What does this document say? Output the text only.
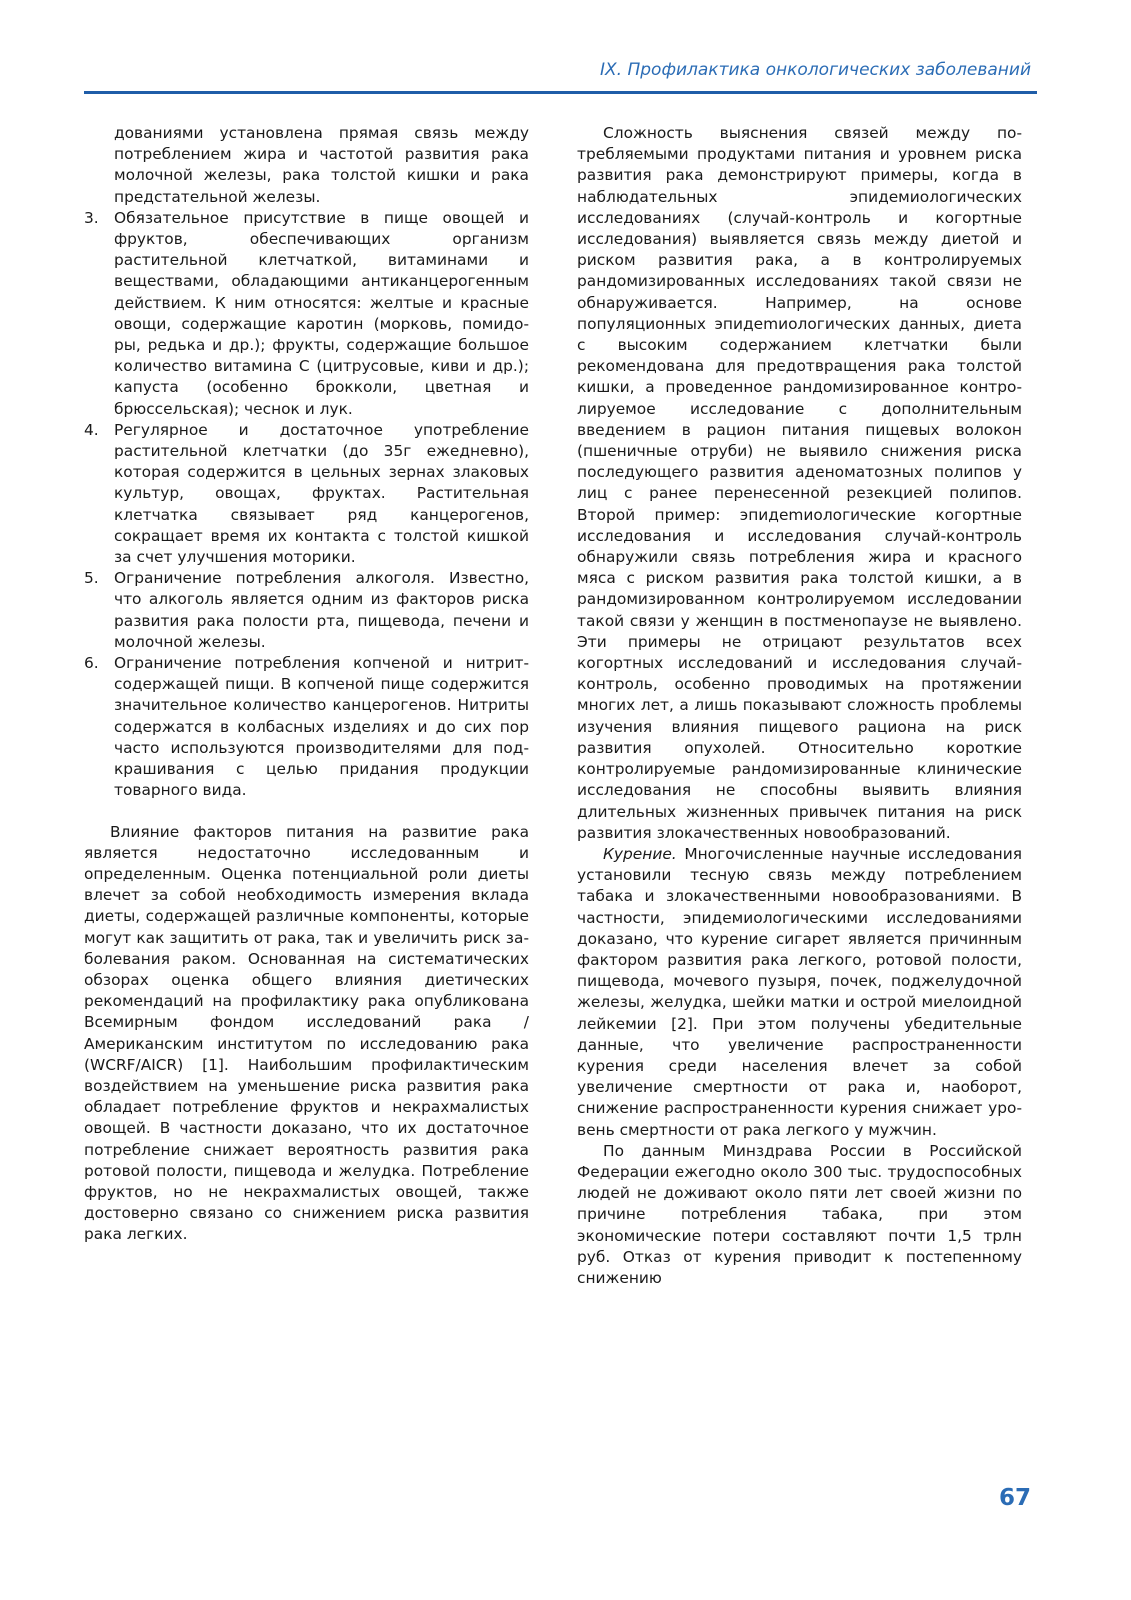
IX. Профилактика онкологических заболеваний

дованиями установлена прямая связь между потреблением жира и частотой развития рака молочной железы, рака толстой кишки и рака предстательной железы.

3. Обязательное присутствие в пище овощей и фруктов, обеспечивающих организм растительной клетчаткой, витаминами и веществами, обладающими антиканцерогенным действием. К ним относятся: желтые и красные овощи, содержащие каротин (морковь, помидоры, редька и др.); фрукты, содержащие большое количество витамина С (цитрусовые, киви и др.); капуста (особенно брокколи, цветная и брюссельская); чеснок и лук.
4. Регулярное и достаточное употребление растительной клетчатки (до 35г ежедневно), которая содержится в цельных зернах злаковых культур, овощах, фруктах. Растительная клетчатка связывает ряд канцерогенов, сокращает время их контакта с толстой кишкой за счет улучшения моторики.
5. Ограничение потребления алкоголя. Известно, что алкоголь является одним из факторов риска развития рака полости рта, пищевода, печени и молочной железы.
6. Ограничение потребления копченой и нитрит-содержащей пищи. В копченой пище содержится значительное количество канцерогенов. Нитриты содержатся в колбасных изделиях и до сих пор часто используются производителями для подкрашивания с целью придания продукции товарного вида.

Влияние факторов питания на развитие рака является недостаточно исследованным и определенным. Оценка потенциальной роли диеты влечет за собой необходимость измерения вклада диеты, содержащей различные компоненты, которые могут как защитить от рака, так и увеличить риск заболевания раком. Основанная на систематических обзорах оценка общего влияния диетических рекомендаций на профилактику рака опубликована Всемирным фондом исследований рака /Американским институтом по исследованию рака (WCRF/AICR) [1]. Наибольшим профилактическим воздействием на уменьшение риска развития рака обладает потребление фруктов и некрахмалистых овощей. В частности доказано, что их достаточное потребление снижает вероятность развития рака ротовой полости, пищевода и желудка. Потребление фруктов, но не некрахмалистых овощей, также достоверно связано со снижением риска развития рака легких.

Сложность выяснения связей между потребляемыми продуктами питания и уровнем риска развития рака демонстрируют примеры, когда в наблюдательных эпидемиологических исследованиях (случай-контроль и когортные исследования) выявляется связь между диетой и риском развития рака, а в контролируемых рандомизированных исследованиях такой связи не обнаруживается. Например, на основе популяционных эпидеmиологических данных, диета с высоким содержанием клетчатки были рекомендована для предотвращения рака толстой кишки, а проведенное рандомизированное контролируемое исследование с дополнительным введением в рацион питания пищевых волокон (пшеничные отруби) не выявило снижения риска последующего развития аденоматозных полипов у лиц с ранее перенесенной резекцией полипов. Второй пример: эпидеmиологические когортные исследования и исследования случай-контроль обнаружили связь потребления жира и красного мяса с риском развития рака толстой кишки, а в рандомизированном контролируемом исследовании такой связи у женщин в постменопаузе не выявлено. Эти примеры не отрицают результатов всех когортных исследований и исследования случай-контроль, особенно проводимых на протяжении многих лет, а лишь показывают сложность проблемы изучения влияния пищевого рациона на риск развития опухолей. Относительно короткие контролируемые рандомизированные клинические исследования не способны выявить влияния длительных жизненных привычек питания на риск развития злокачественных новообразований.

Курение. Многочисленные научные исследования установили тесную связь между потреблением табака и злокачественными новообразованиями. В частности, эпидемиологическими исследованиями доказано, что курение сигарет является причинным фактором развития рака легкого, ротовой полости, пищевода, мочевого пузыря, почек, поджелудочной железы, желудка, шейки матки и острой миелоидной лейкемии [2]. При этом получены убедительные данные, что увеличение распространенности курения среди населения влечет за собой увеличение смертности от рака и, наоборот, снижение распространенности курения снижает уровень смертности от рака легкого у мужчин.

По данным Минздрава России в Российской Федерации ежегодно около 300 тыс. трудоспособных людей не доживают около пяти лет своей жизни по причине потребления табака, при этом экономические потери составляют почти 1,5 трлн руб. Отказ от курения приводит к постепенному снижению

67
